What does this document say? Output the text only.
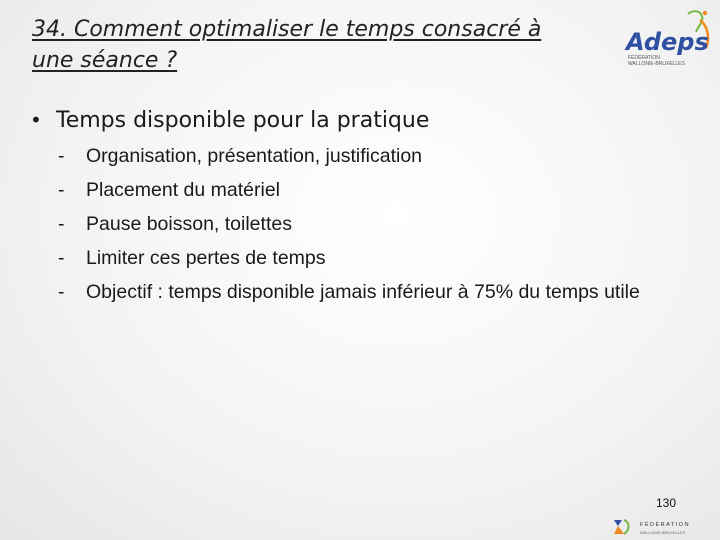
34. Comment optimaliser le temps consacré à
une séance ?
Adeps
FÉDÉRATION
WALLONIE-BRUXELLES
• Temps disponible pour la pratique
-	Organisation, présentation, justification
-	Placement du matériel
-	Pause boisson, toilettes
-	Limiter ces pertes de temps
-	Objectif : temps disponible jamais inférieur à 75% du temps utile
130
FÉDÉRATION
WALLONIE-BRUXELLES
